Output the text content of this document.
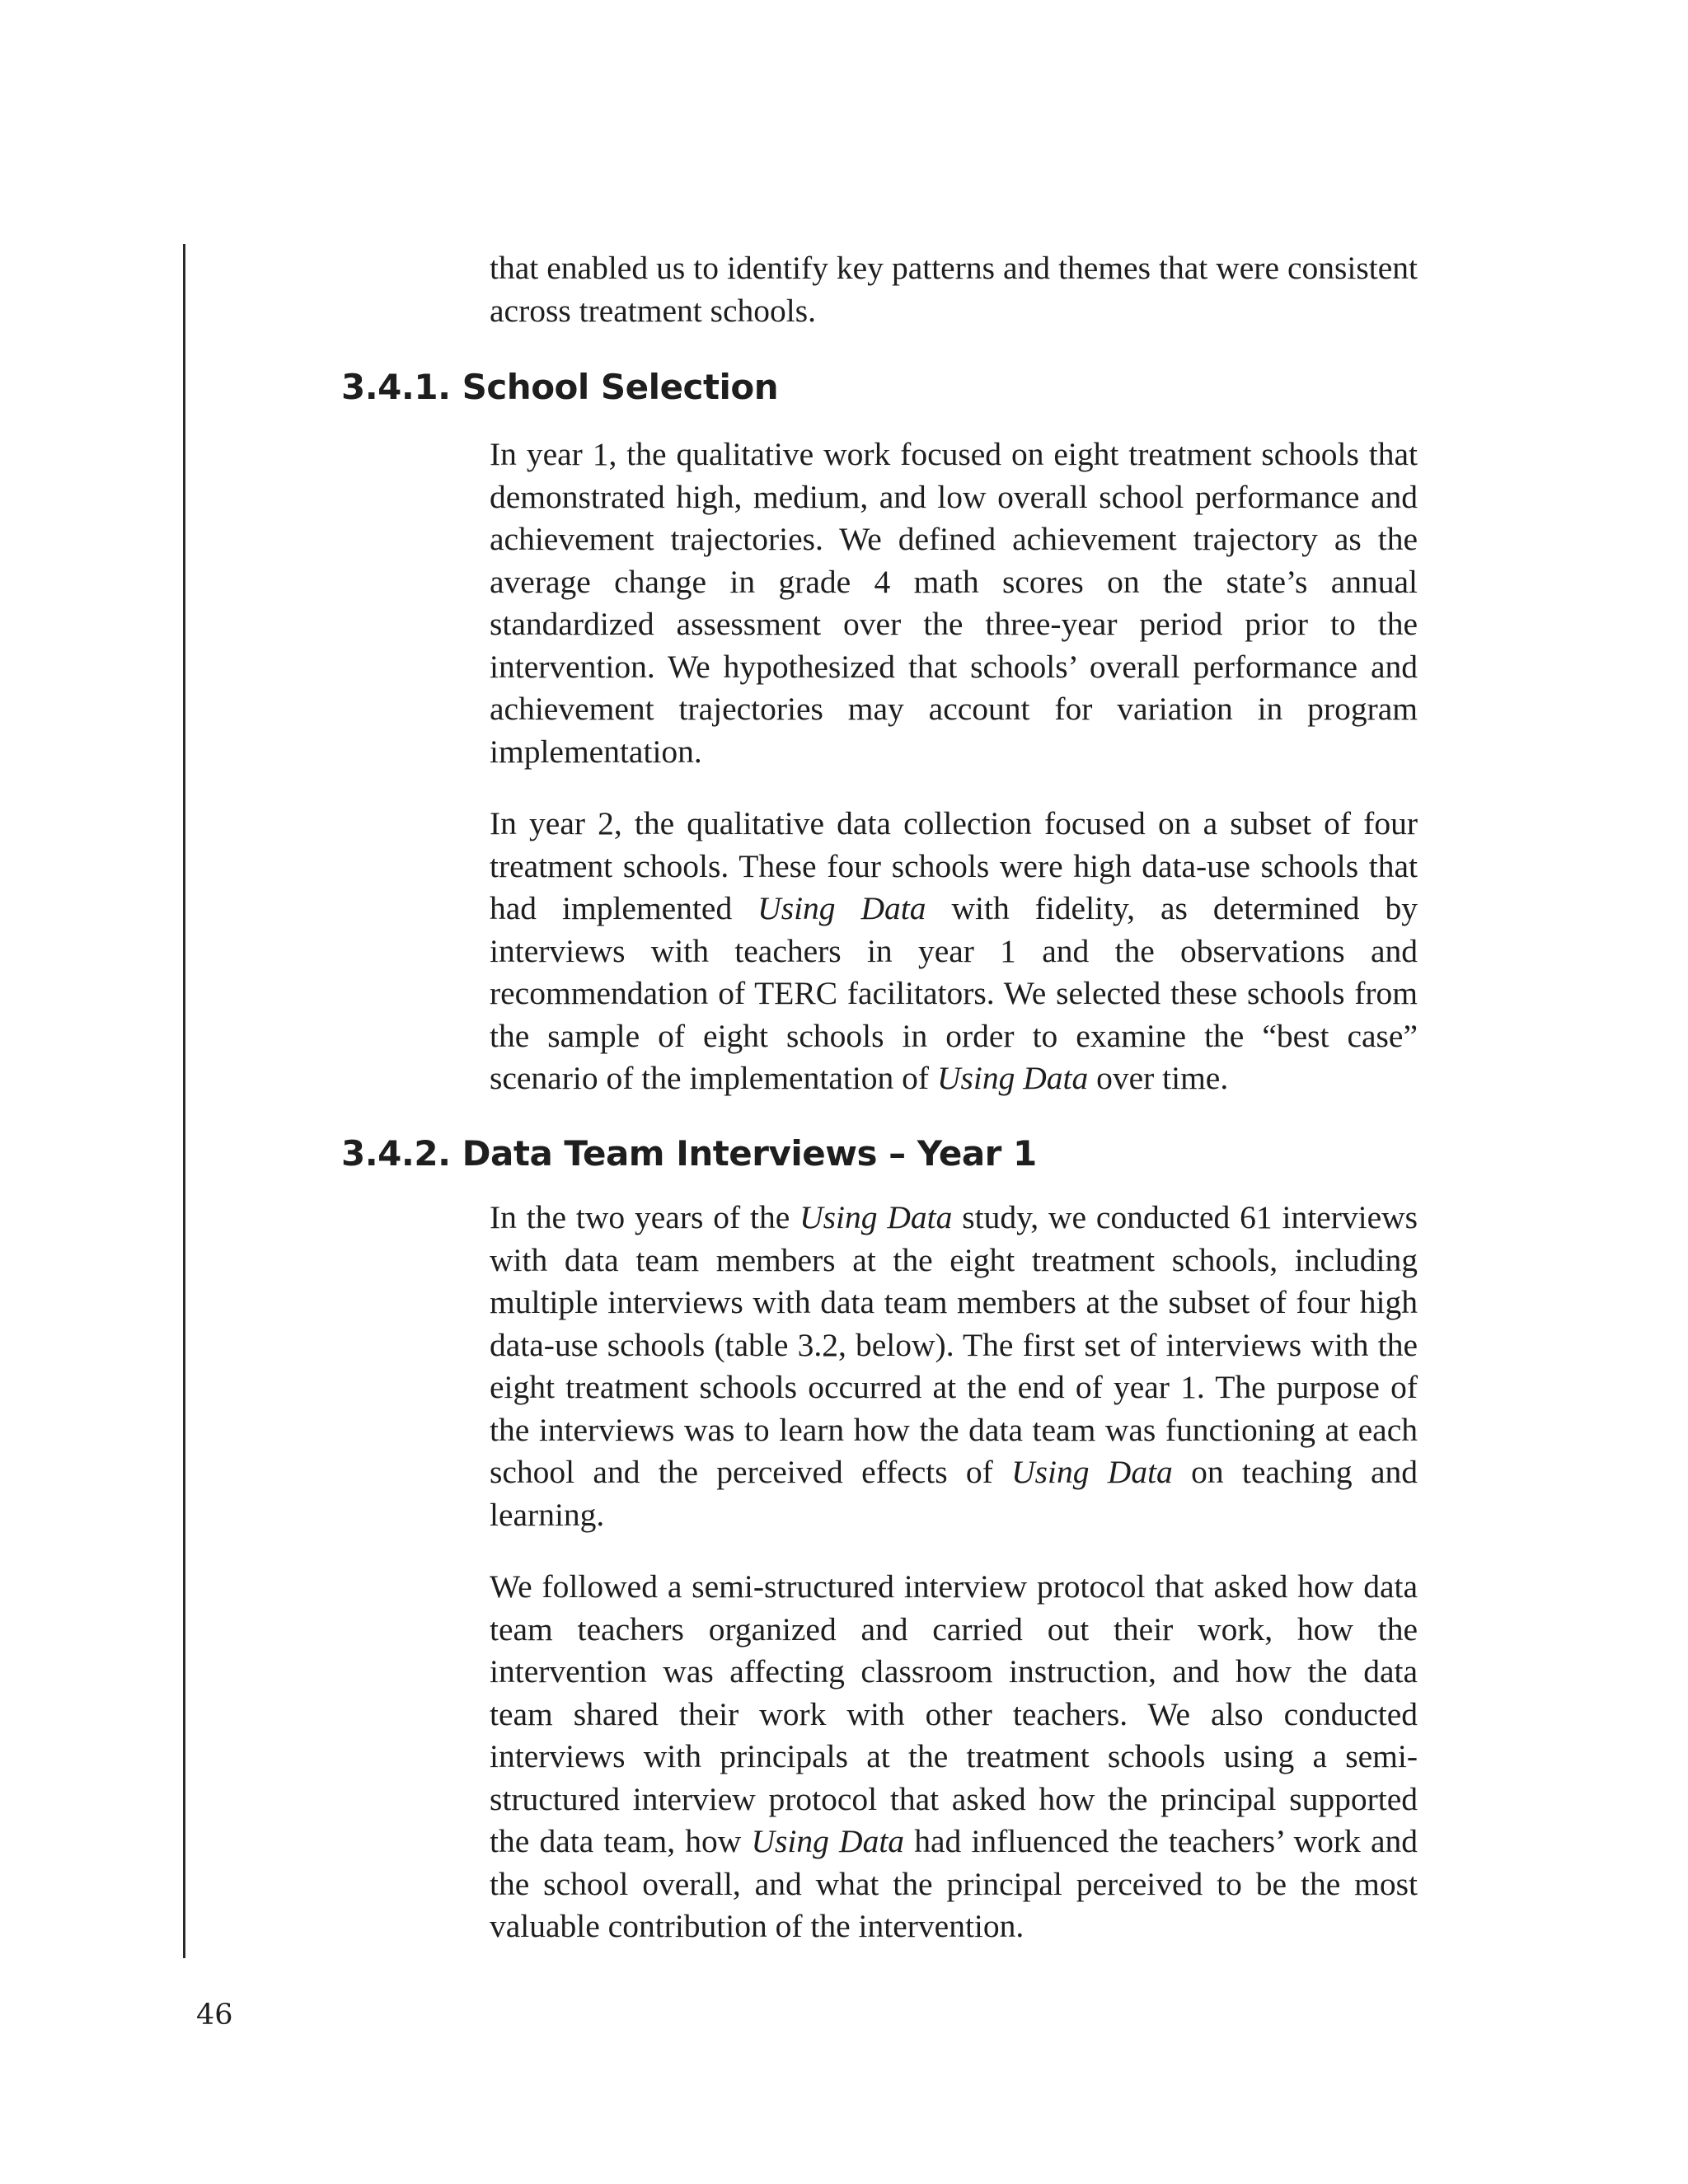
that enabled us to identify key patterns and themes that were consistent across treatment schools.

3.4.1. School Selection

In year 1, the qualitative work focused on eight treatment schools that demonstrated high, medium, and low overall school performance and achievement trajectories. We defined achievement trajectory as the average change in grade 4 math scores on the state’s annual standardized assessment over the three-year period prior to the intervention. We hypothesized that schools’ overall performance and achievement trajectories may account for variation in program implementation.

In year 2, the qualitative data collection focused on a subset of four treatment schools. These four schools were high data-use schools that had implemented Using Data with fidelity, as determined by interviews with teachers in year 1 and the observations and recommendation of TERC facilitators. We selected these schools from the sample of eight schools in order to examine the “best case” scenario of the implementation of Using Data over time.

3.4.2. Data Team Interviews – Year 1

In the two years of the Using Data study, we conducted 61 interviews with data team members at the eight treatment schools, including multiple interviews with data team members at the subset of four high data-use schools (table 3.2, below). The first set of interviews with the eight treatment schools occurred at the end of year 1. The purpose of the interviews was to learn how the data team was functioning at each school and the perceived effects of Using Data on teaching and learning.

We followed a semi-structured interview protocol that asked how data team teachers organized and carried out their work, how the intervention was affecting classroom instruction, and how the data team shared their work with other teachers. We also conducted interviews with principals at the treatment schools using a semi-structured interview protocol that asked how the principal supported the data team, how Using Data had influenced the teachers’ work and the school overall, and what the principal perceived to be the most valuable contribution of the intervention.

46
